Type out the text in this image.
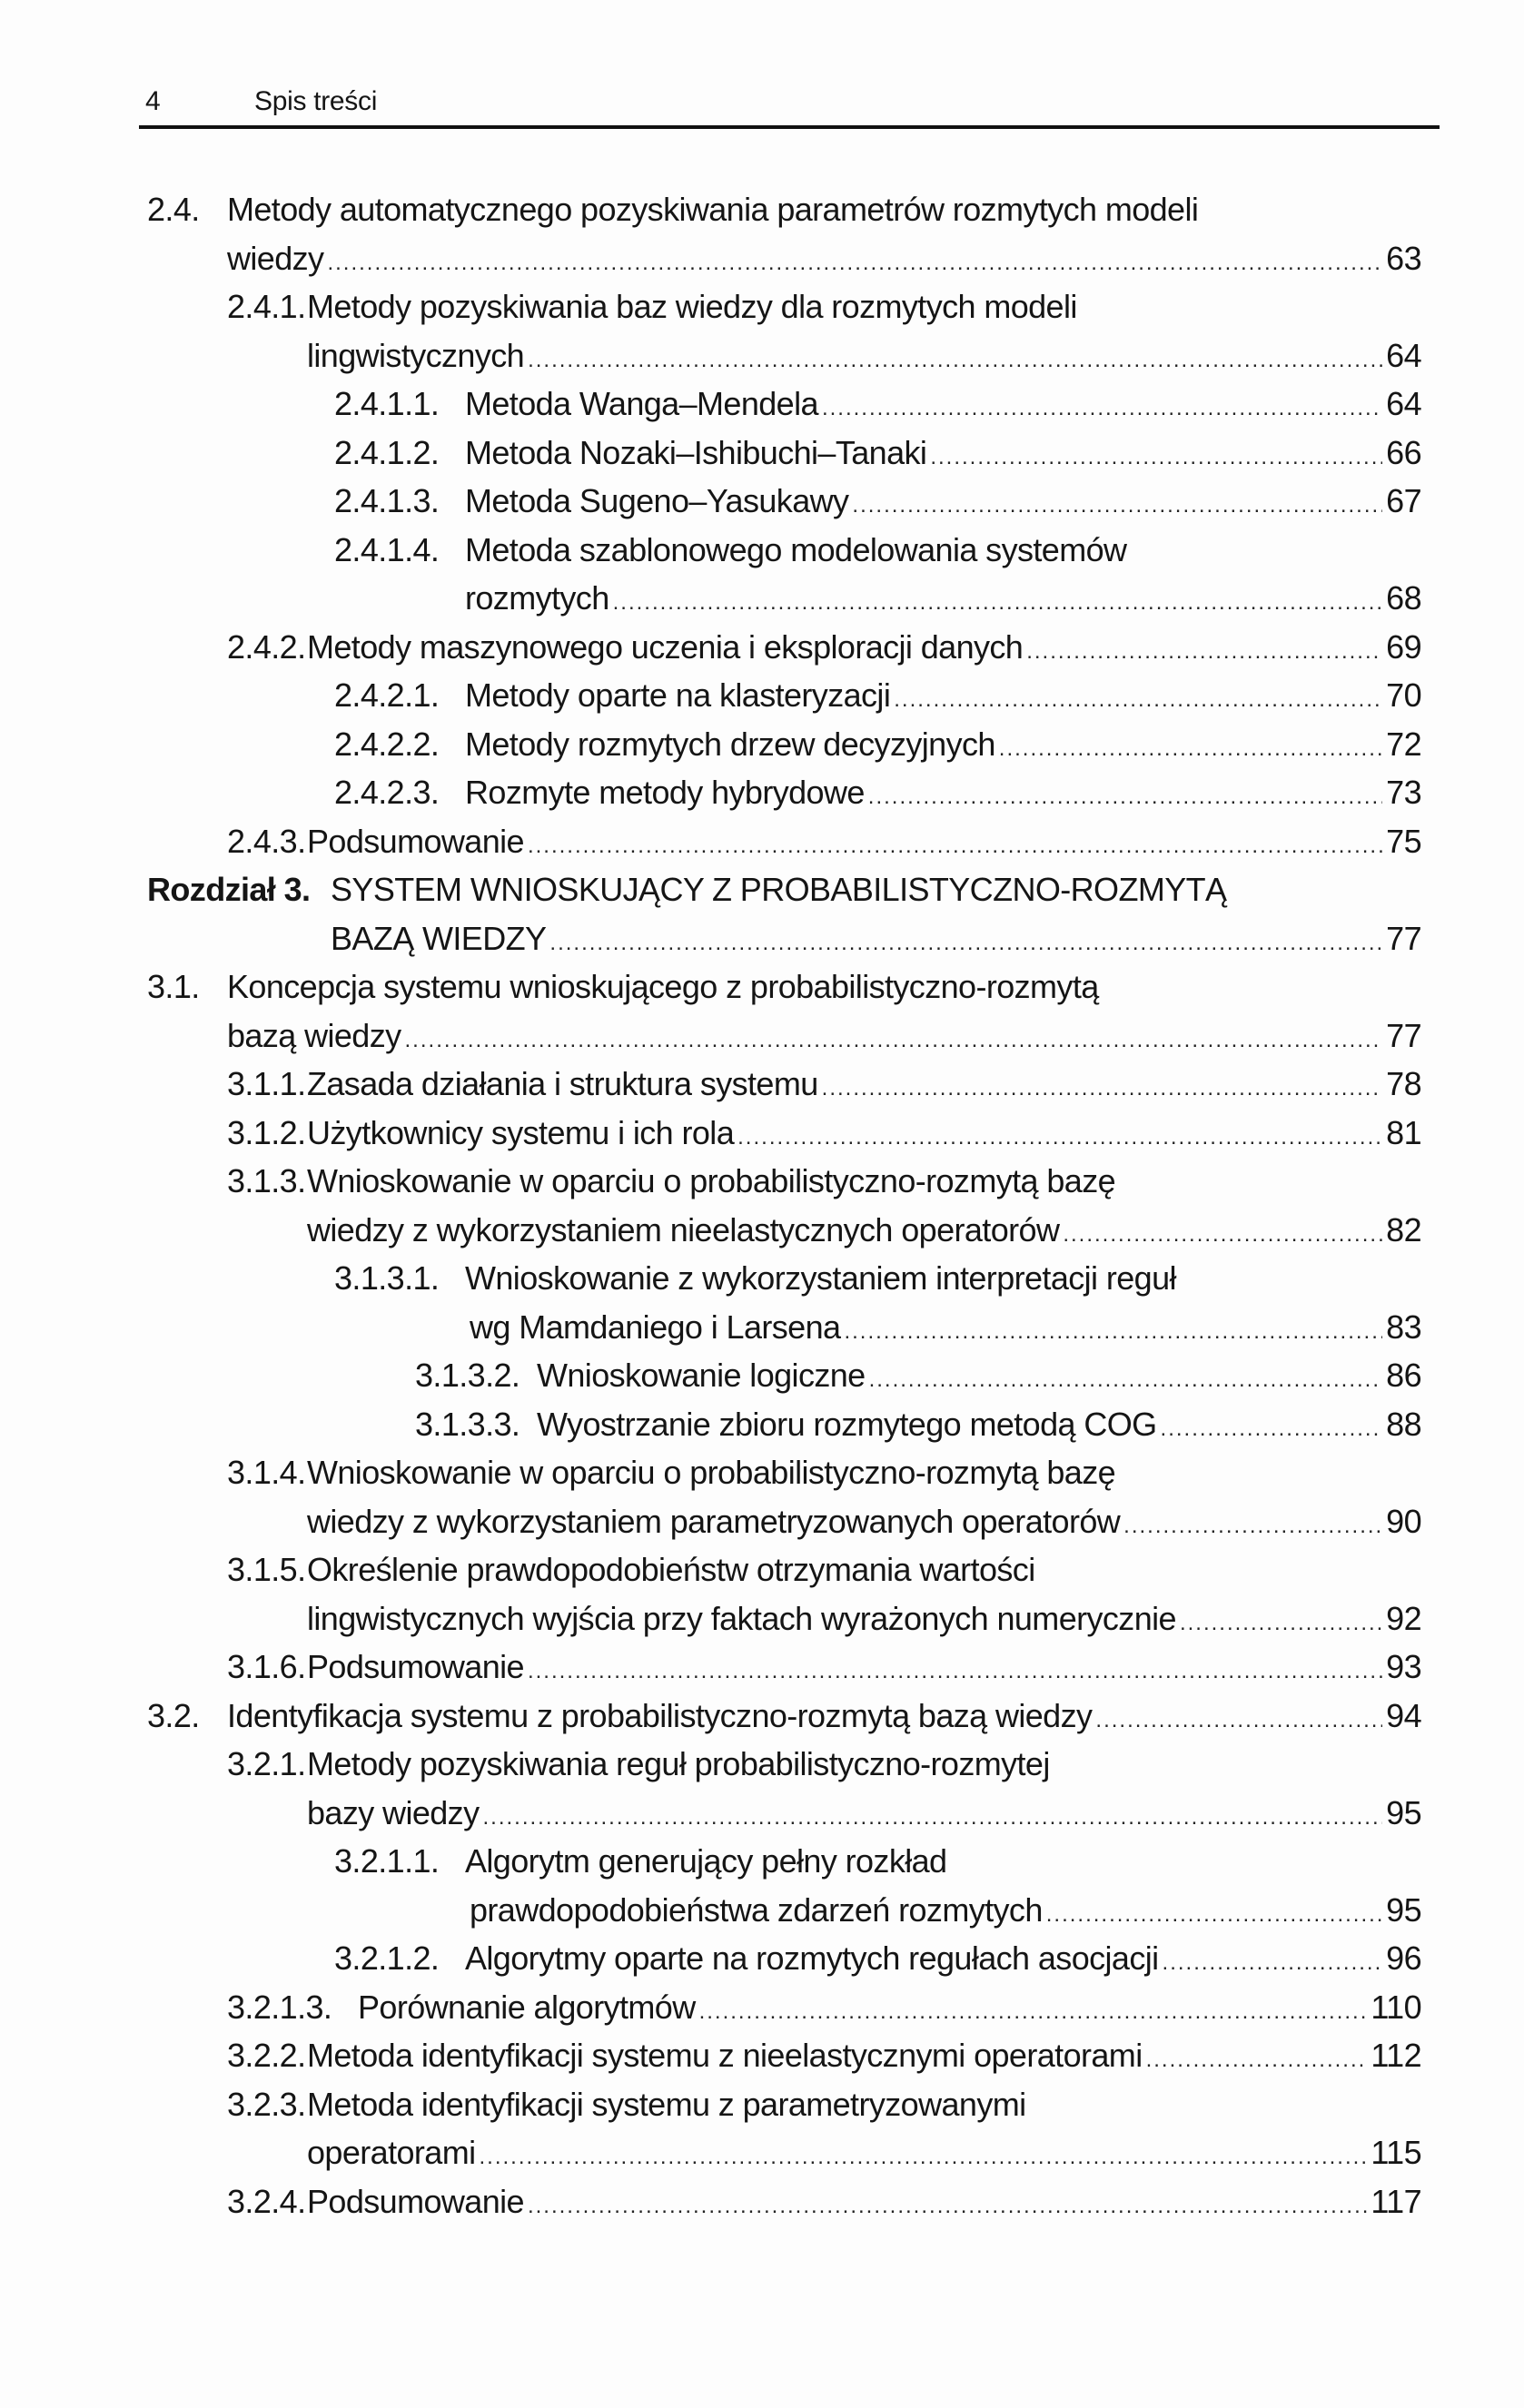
4	Spis treści
2.4. Metody automatycznego pozyskiwania parametrów rozmytych modeli
wiedzy .....	63
2.4.1. Metody pozyskiwania baz wiedzy dla rozmytych modeli
lingwistycznych .....	64
2.4.1.1. Metoda Wanga–Mendela .....	64
2.4.1.2. Metoda Nozaki–Ishibuchi–Tanaki .....	66
2.4.1.3. Metoda Sugeno–Yasukawy .....	67
2.4.1.4. Metoda szablonowego modelowania systemów
rozmytych .....	68
2.4.2. Metody maszynowego uczenia i eksploracji danych .....	69
2.4.2.1. Metody oparte na klasteryzacji .....	70
2.4.2.2. Metody rozmytych drzew decyzyjnych .....	72
2.4.2.3. Rozmyte metody hybrydowe .....	73
2.4.3. Podsumowanie .....	75
Rozdział 3. SYSTEM WNIOSKUJĄCY Z PROBABILISTYCZNO-ROZMYTĄ
BAZĄ WIEDZY .....	77
3.1. Koncepcja systemu wnioskującego z probabilistyczno-rozmytą
bazą wiedzy .....	77
3.1.1. Zasada działania i struktura systemu .....	78
3.1.2. Użytkownicy systemu i ich rola .....	81
3.1.3. Wnioskowanie w oparciu o probabilistyczno-rozmytą bazę
wiedzy z wykorzystaniem nieelastycznych operatorów .....	82
3.1.3.1. Wnioskowanie z wykorzystaniem interpretacji reguł
wg Mamdaniego i Larsena .....	83
3.1.3.2. Wnioskowanie logiczne .....	86
3.1.3.3. Wyostrzanie zbioru rozmytego metodą COG .....	88
3.1.4. Wnioskowanie w oparciu o probabilistyczno-rozmytą bazę
wiedzy z wykorzystaniem parametryzowanych operatorów .....	90
3.1.5. Określenie prawdopodobieństw otrzymania wartości
lingwistycznych wyjścia przy faktach wyrażonych numerycznie .....	92
3.1.6. Podsumowanie .....	93
3.2. Identyfikacja systemu z probabilistyczno-rozmytą bazą wiedzy .....	94
3.2.1. Metody pozyskiwania reguł probabilistyczno-rozmytej
bazy wiedzy .....	95
3.2.1.1. Algorytm generujący pełny rozkład
prawdopodobieństwa zdarzeń rozmytych .....	95
3.2.1.2. Algorytmy oparte na rozmytych regułach asocjacji .....	96
3.2.1.3. Porównanie algorytmów .....	110
3.2.2. Metoda identyfikacji systemu z nieelastycznymi operatorami .....	112
3.2.3. Metoda identyfikacji systemu z parametryzowanymi
operatorami .....	115
3.2.4. Podsumowanie .....	117
